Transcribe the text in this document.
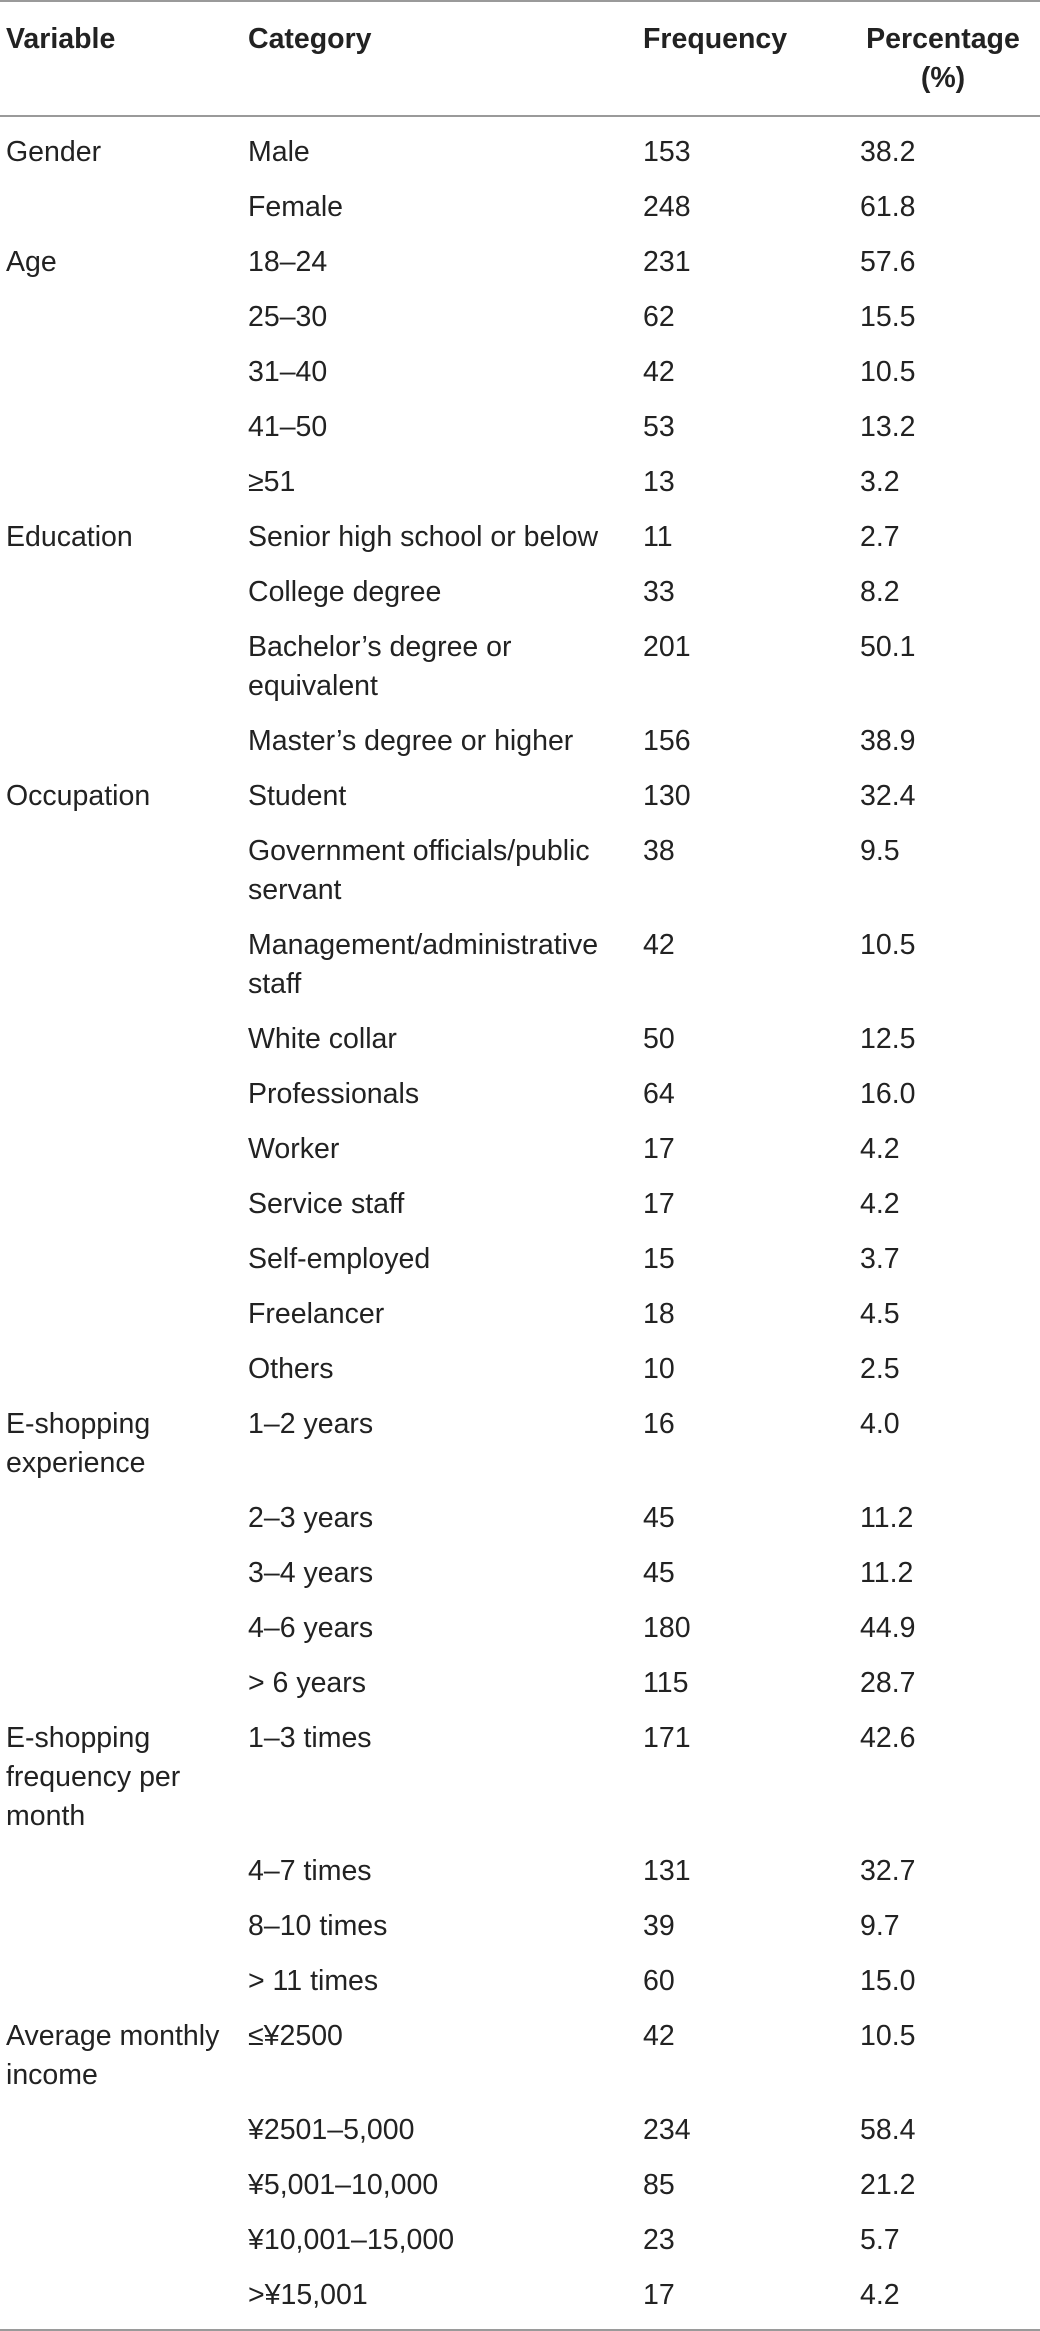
Variable	Category	Frequency	Percentage
(%)
Gender	Male	153	38.2
	Female	248	61.8
Age	18–24	231	57.6
	25–30	62	15.5
	31–40	42	10.5
	41–50	53	13.2
	≥51	13	3.2
Education	Senior high school or below	11	2.7
	College degree	33	8.2
	Bachelor’s degree or equivalent	201	50.1
	Master’s degree or higher	156	38.9
Occupation	Student	130	32.4
	Government officials/public servant	38	9.5
	Management/administrative staff	42	10.5
	White collar	50	12.5
	Professionals	64	16.0
	Worker	17	4.2
	Service staff	17	4.2
	Self-employed	15	3.7
	Freelancer	18	4.5
	Others	10	2.5
E-shopping experience	1–2 years	16	4.0
	2–3 years	45	11.2
	3–4 years	45	11.2
	4–6 years	180	44.9
	> 6 years	115	28.7
E-shopping frequency per month	1–3 times	171	42.6
	4–7 times	131	32.7
	8–10 times	39	9.7
	> 11 times	60	15.0
Average monthly income	≤¥2500	42	10.5
	¥2501–5,000	234	58.4
	¥5,001–10,000	85	21.2
	¥10,001–15,000	23	5.7
	>¥15,001	17	4.2
